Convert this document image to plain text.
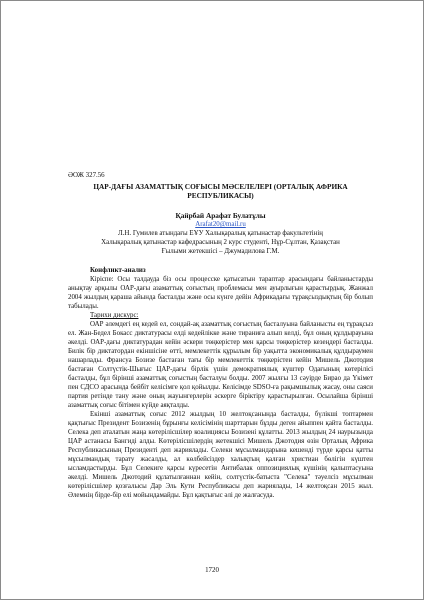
ӘОЖ 327.56

ЦАР-ДАҒЫ АЗАМАТТЫҚ СОҒЫСЫ МӘСЕЛЕЛЕРІ (ОРТАЛЫҚ АФРИКА
РЕСПУБЛИКАСЫ)

Қайрбай Арафат Булатұлы

Arafat20@mail.ru

Л.Н. Гумилев атындағы ЕҰУ Халықаралық қатынастар факультетінің

Халықаралық қатынастар кафедрасының 2 курс студенті, Нұр-Сұлтан, Қазақстан

Ғылыми жетекшісі – Джумадилова Г.М.

Конфликт-анализ

Кіріспе: Осы талдауда біз осы процесске қатысатын тараптар арасындағы байланыстарды анықтау арқылы ОАР-дағы азаматтық соғыстың проблемасы мен ауырлығын қарастырдық. Жанжал 2004 жылдың қараша айында басталды және осы күнге дейін Африкадағы тұрақсыздықтың бір болып табылады.

Тарихи дискурс:

ОАР әлемдегі ең кедей ел, сондай-ақ азаматтық соғыстың басталуына байланысты ең тұрақсыз ел. Жан-Бедел Бокасс диктатурасы елді кедейлікке және тираниға алып келді, бұл оның құлдырауына әкелді. ОАР-дағы диктатурадан кейін әскери төңкерістер мен қарсы төңкерістер кезеңдері басталды. Билік бір диктатордан екіншісіне өтті, мемлекеттік құрылым бір уақытта экономикалық құлдыраумен нашарлады. Франсуа Бозизе бастаған тағы бір мемлекеттік төңкерістен кейін Мишель Джотодия бастаған Солтүстік-Шығыс ЦАР-дағы бірлік үшін демократиялық күштер Одағының көтерілісі басталды, бұл бірінші азаматтық соғыстың басталуы болды. 2007 жылғы 13 сәуірде Бирао да Үкімет пен СДСО арасында бейбіт келісімге қол қойылды. Келісімде SDSO-ға рақымшылық жасау, оны саяси партия ретінде тану және оның жауынгерлерін әскерге біріктіру қарастырылған. Осылайша бірінші азаматтық соғыс бітімен күйде аяқталды.

Екінші азаматтық соғыс 2012 жылдың 10 желтоқсанында басталды, бүлікші топтармен қақтығыс Президент Бозизенің бұрынғы келісімінің шарттарын бұзды деген айыппен қайта басталды. Селека деп аталатын жаңа көтерілісшілер коалициясы Бозизені құлатты. 2013 жылдың 24 наурызында ЦАР астанасы Бангиді алды. Көтерілісшілердің жетекшісі Мишель Джотодия өзін Орталық Африка Республикасының Президенті деп жариялады. Селеки мұсылмандарына кешенді түрде қарсы қатты мұсылмандық тарату жасалды, ал көлбейсіздер халықтың қалған христиан бөлігін күштен ысламдастырды. Бұл Селекиге қарсы күресетін Антибалак оппозициялық күшінің қалыптасуына әкелді. Мишель Джотодий құлатылғаннан кейін, солтүстік-батыста "Селека" тәуелсіз мұсылман көтерілісшілер қозғалысы Дар Эль Кути Республикасы деп жариялады, 14 желтоқсан 2015 жыл. Әлемнің бірде-бір елі мойындамайды. Бұл қақтығыс әлі де жалғасуда.

1720
